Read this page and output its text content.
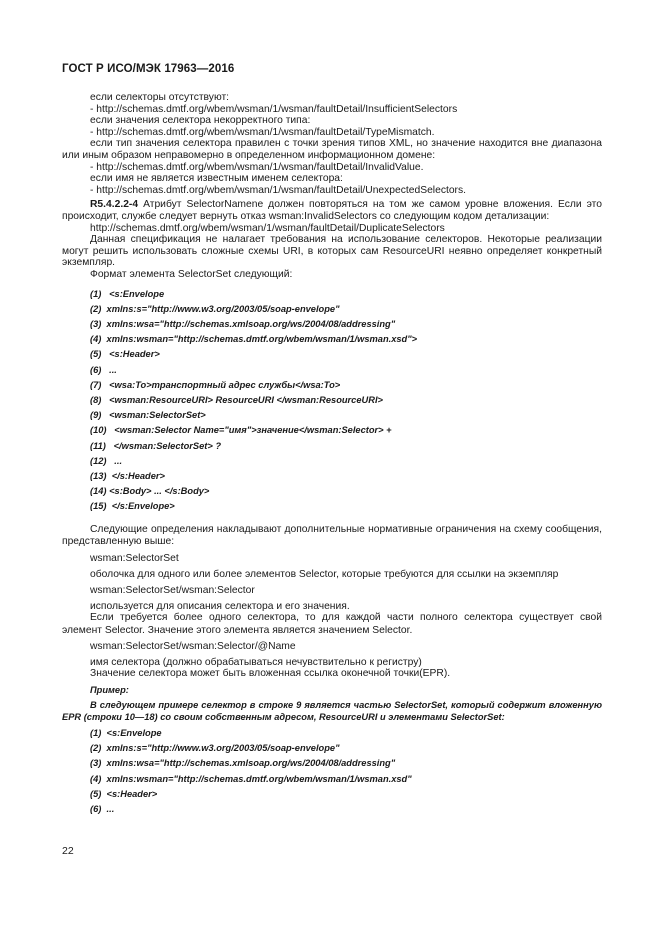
ГОСТ Р ИСО/МЭК 17963—2016

если селекторы отсутствуют:

- http://schemas.dmtf.org/wbem/wsman/1/wsman/faultDetail/InsufficientSelectors

если значения селектора некорректного типа:

- http://schemas.dmtf.org/wbem/wsman/1/wsman/faultDetail/TypeMismatch.

если тип значения селектора правилен с точки зрения типов XML, но значение находится вне диапазона или иным образом неправомерно в определенном информационном домене:

- http://schemas.dmtf.org/wbem/wsman/1/wsman/faultDetail/InvalidValue.

если имя не является известным именем селектора:

- http://schemas.dmtf.org/wbem/wsman/1/wsman/faultDetail/UnexpectedSelectors.

R5.4.2.2-4 Атрибут SelectorNamene должен повторяться на том же самом уровне вложения. Если это происходит, службе следует вернуть отказ wsman:InvalidSelectors со следующим кодом детализации:

http://schemas.dmtf.org/wbem/wsman/1/wsman/faultDetail/DuplicateSelectors

Данная спецификация не налагает требования на использование селекторов. Некоторые реализации могут решить использовать сложные схемы URI, в которых сам ResourceURI неявно определяет конкретный экземпляр.

Формат элемента SelectorSet следующий:

(1)   <s:Envelope

(2)  xmlns:s="http://www.w3.org/2003/05/soap-envelope"

(3)  xmlns:wsa="http://schemas.xmlsoap.org/ws/2004/08/addressing"

(4)  xmlns:wsman="http://schemas.dmtf.org/wbem/wsman/1/wsman.xsd">

(5)   <s:Header>

(6)   ...

(7)   <wsa:To>транспортный адрес службы</wsa:To>

(8)   <wsman:ResourceURI> ResourceURI </wsman:ResourceURI>

(9)   <wsman:SelectorSet>

(10)   <wsman:Selector Name="имя">значение</wsman:Selector> +

(11)   </wsman:SelectorSet> ?

(12)   ...

(13)  </s:Header>

(14) <s:Body> ... </s:Body>

(15)  </s:Envelope>

Следующие определения накладывают дополнительные нормативные ограничения на схему сообщения, представленную выше:

wsman:SelectorSet

оболочка для одного или более элементов Selector, которые требуются для ссылки на экземпляр

wsman:SelectorSet/wsman:Selector

используется для описания селектора и его значения.

Если требуется более одного селектора, то для каждой части полного селектора существует свой элемент Selector. Значение этого элемента является значением Selector.

wsman:SelectorSet/wsman:Selector/@Name

имя селектора (должно обрабатываться нечувствительно к регистру)

Значение селектора может быть вложенная ссылка оконечной точки(EPR).

Пример:

В следующем примере селектор в строке 9 является частью SelectorSet, который содержит вложенную EPR (строки 10—18) со своим собственным адресом, ResourceURI и элементами SelectorSet:

(1)  <s:Envelope

(2)  xmlns:s="http://www.w3.org/2003/05/soap-envelope"

(3)  xmlns:wsa="http://schemas.xmlsoap.org/ws/2004/08/addressing"

(4)  xmlns:wsman="http://schemas.dmtf.org/wbem/wsman/1/wsman.xsd"

(5)  <s:Header>

(6)  ...

22
